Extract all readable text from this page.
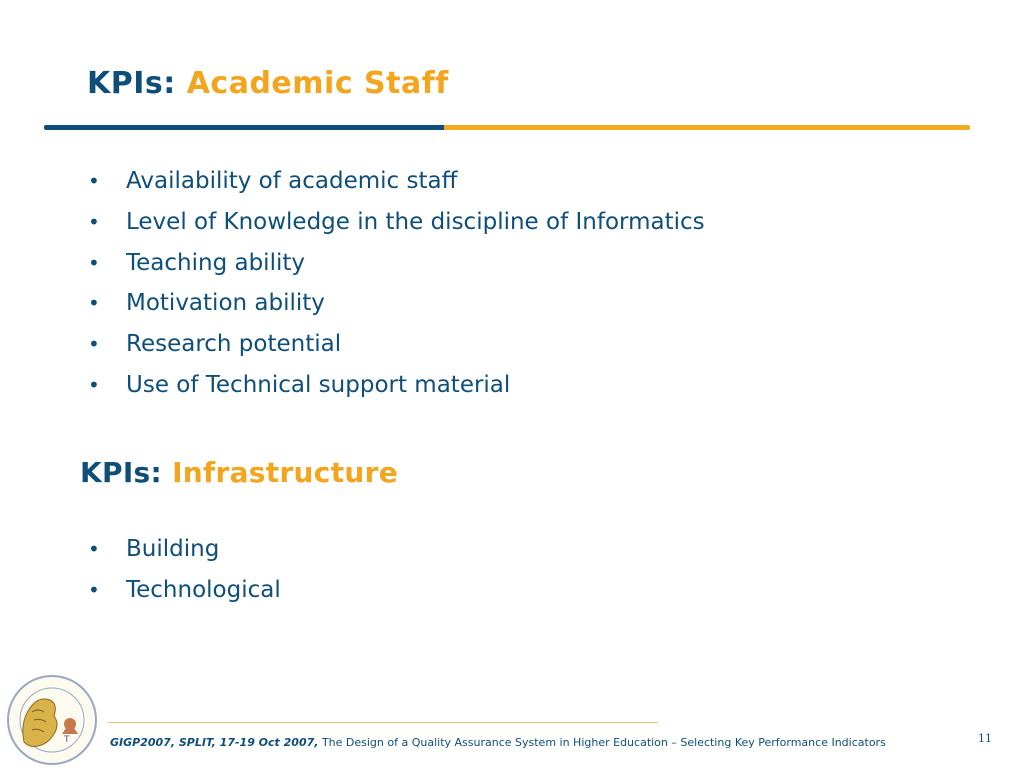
KPIs: Academic Staff
• Availability of academic staff
• Level of Knowledge in the discipline of Informatics
• Teaching ability
• Motivation ability
• Research potential
• Use of Technical support material
KPIs: Infrastructure
• Building
• Technological
T	GIGP2007, SPLIT, 17-19 Oct 2007, The Design of a Quality Assurance System in Higher Education – Selecting Key Performance Indicators	11
